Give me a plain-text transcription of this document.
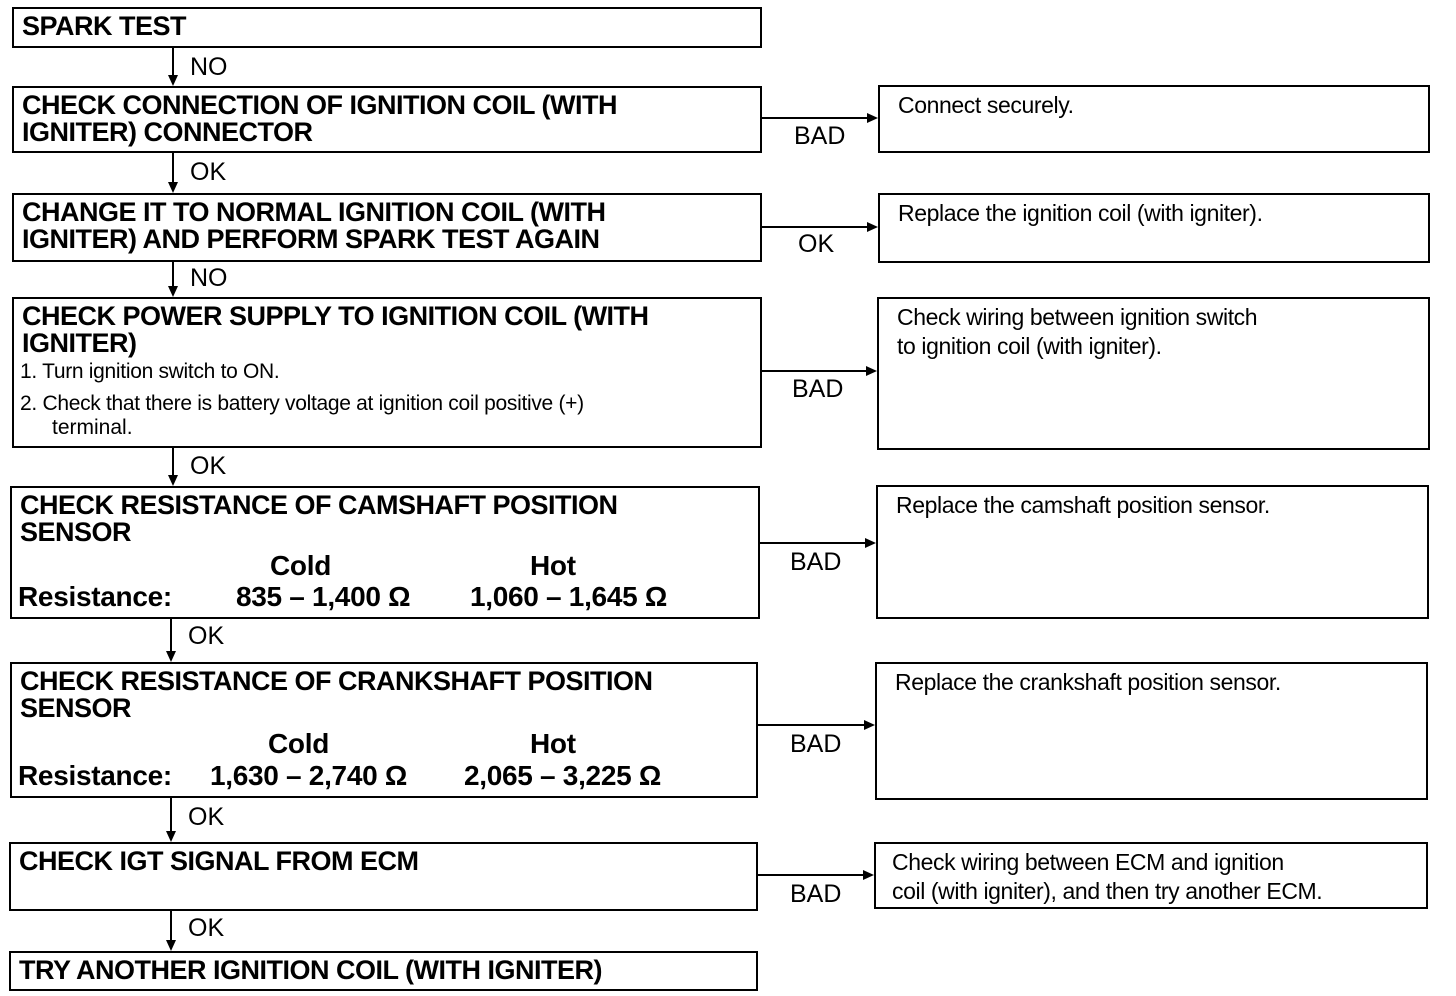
SPARK TEST
CHECK CONNECTION OF IGNITION COIL (WITH
IGNITER) CONNECTOR
CHANGE IT TO NORMAL IGNITION COIL (WITH
IGNITER) AND PERFORM SPARK TEST AGAIN
CHECK POWER SUPPLY TO IGNITION COIL (WITH
IGNITER)
1. Turn ignition switch to ON.
2. Check that there is battery voltage at ignition coil positive (+)
terminal.
CHECK RESISTANCE OF CAMSHAFT POSITION
SENSOR
Cold	Hot
Resistance: 835 – 1,400 Ω 1,060 – 1,645 Ω
CHECK RESISTANCE OF CRANKSHAFT POSITION
SENSOR
Cold	Hot
Resistance: 1,630 – 2,740 Ω 2,065 – 3,225 Ω
CHECK IGT SIGNAL FROM ECM
TRY ANOTHER IGNITION COIL (WITH IGNITER)
Connect securely.
Replace the ignition coil (with igniter).
Check wiring between ignition switch
to ignition coil (with igniter).
Replace the camshaft position sensor.
Replace the crankshaft position sensor.
Check wiring between ECM and ignition
coil (with igniter), and then try another ECM.
NO
OK
NO
OK
OK
OK
OK
BAD
OK
BAD
BAD
BAD
BAD
